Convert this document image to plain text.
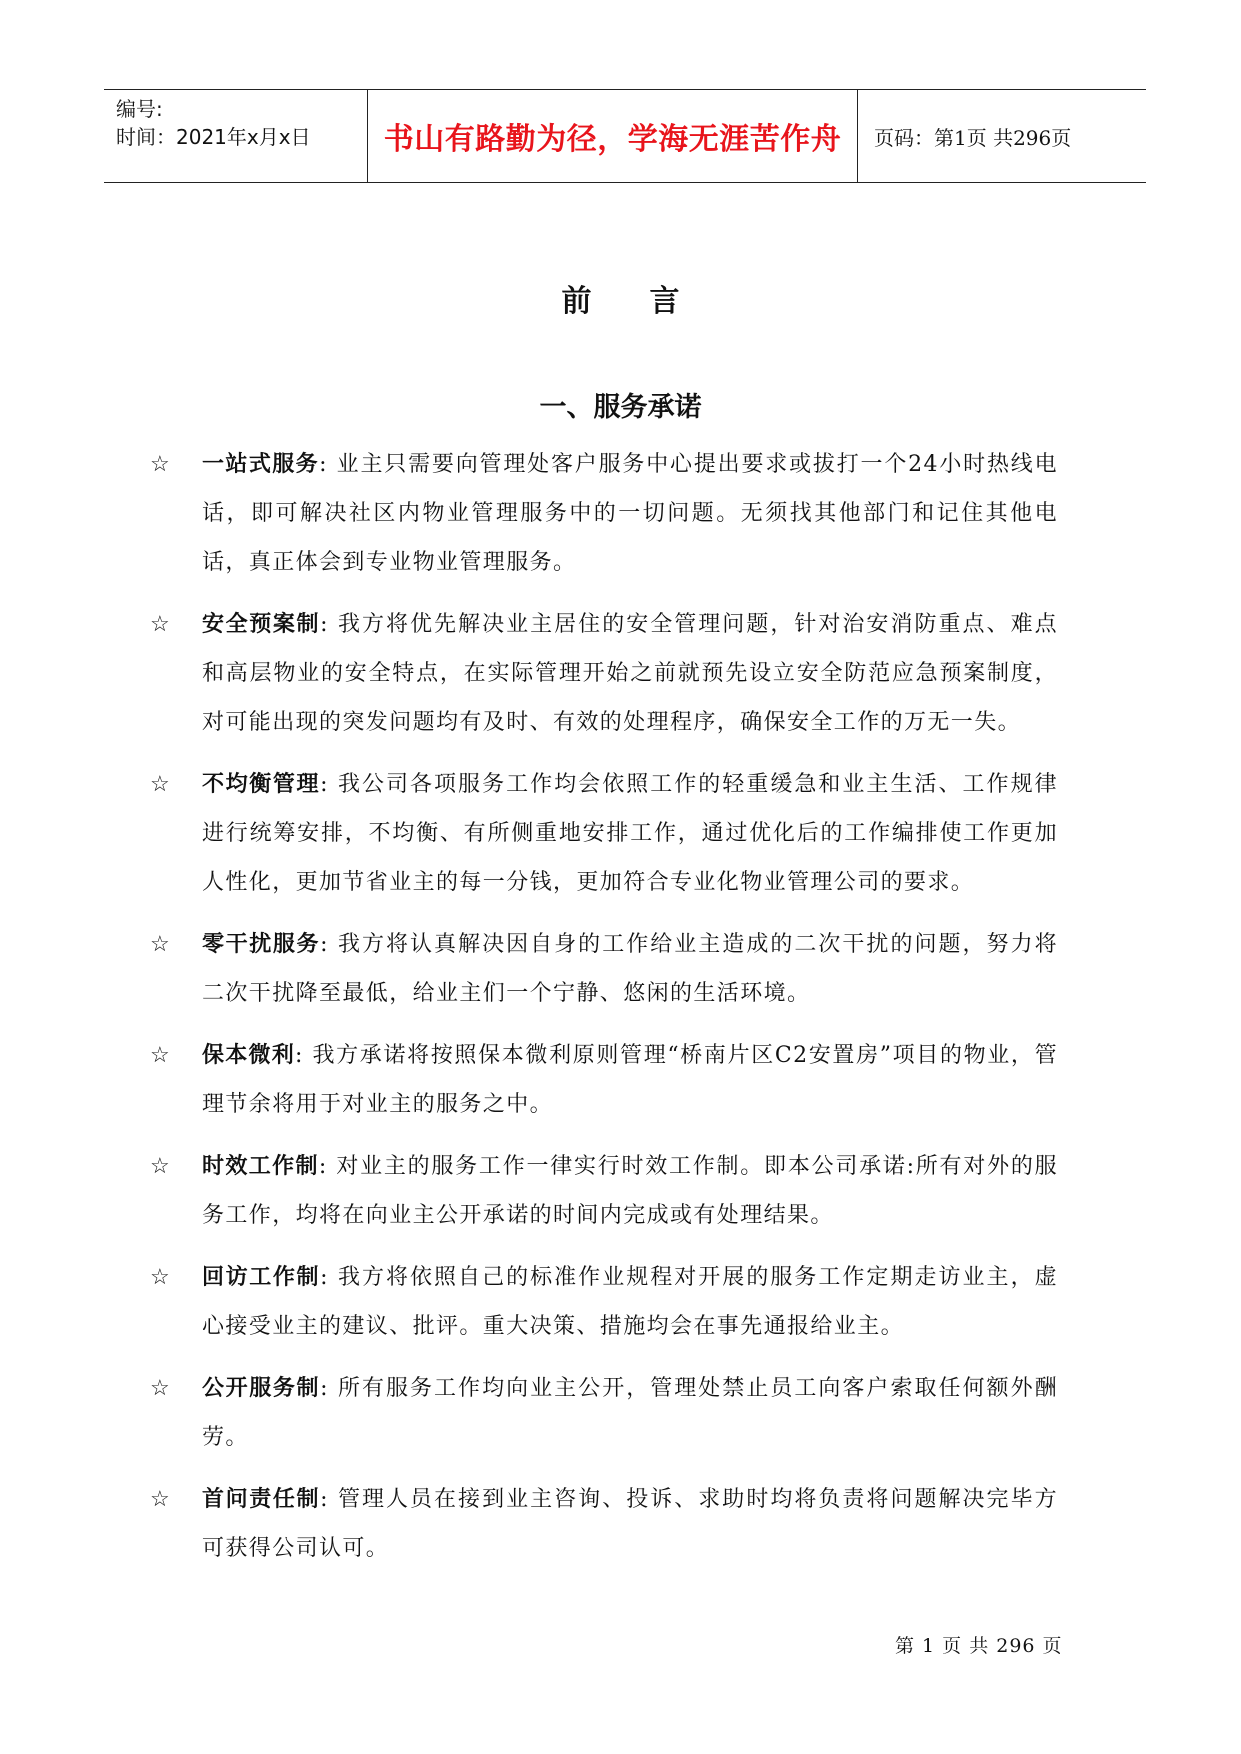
编号:
时间：2021年x月x日	书山有路勤为径，学海无涯苦作舟	页码：第1页 共296页
前 言
一、服务承诺
☆	一站式服务: 业主只需要向管理处客户服务中心提出要求或拔打一个24小时热线电话，即可解决社区内物业管理服务中的一切问题。无须找其他部门和记住其他电话，真正体会到专业物业管理服务。
☆	安全预案制: 我方将优先解决业主居住的安全管理问题，针对治安消防重点、难点和高层物业的安全特点，在实际管理开始之前就预先设立安全防范应急预案制度，对可能出现的突发问题均有及时、有效的处理程序，确保安全工作的万无一失。
☆	不均衡管理: 我公司各项服务工作均会依照工作的轻重缓急和业主生活、工作规律进行统筹安排，不均衡、有所侧重地安排工作，通过优化后的工作编排使工作更加人性化，更加节省业主的每一分钱，更加符合专业化物业管理公司的要求。
☆	零干扰服务: 我方将认真解决因自身的工作给业主造成的二次干扰的问题，努力将二次干扰降至最低，给业主们一个宁静、悠闲的生活环境。
☆	保本微利: 我方承诺将按照保本微利原则管理“桥南片区C2安置房”项目的物业，管理节余将用于对业主的服务之中。
☆	时效工作制: 对业主的服务工作一律实行时效工作制。即本公司承诺:所有对外的服务工作，均将在向业主公开承诺的时间内完成或有处理结果。
☆	回访工作制: 我方将依照自己的标准作业规程对开展的服务工作定期走访业主，虚心接受业主的建议、批评。重大决策、措施均会在事先通报给业主。
☆	公开服务制: 所有服务工作均向业主公开，管理处禁止员工向客户索取任何额外酬劳。
☆	首问责任制: 管理人员在接到业主咨询、投诉、求助时均将负责将问题解决完毕方可获得公司认可。
第 1 页 共 296 页
